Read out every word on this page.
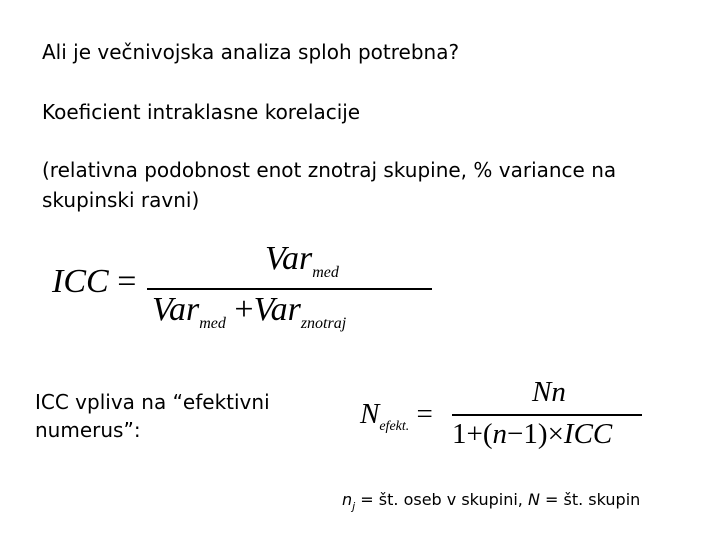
Ali je večnivojska analiza sploh potrebna?
Koeficient intraklasne korelacije
(relativna podobnost enot znotraj skupine, % variance na skupinski ravni)
ICC =
Var$_{med}$
Var$_{med}$ +Var$_{znotraj}$
ICC vpliva na “efektivni numerus”:	$N_{efekt.}$ =
Nn
1+(n−1)×ICC
$n_j$ = št. oseb v skupini, N = št. skupin
